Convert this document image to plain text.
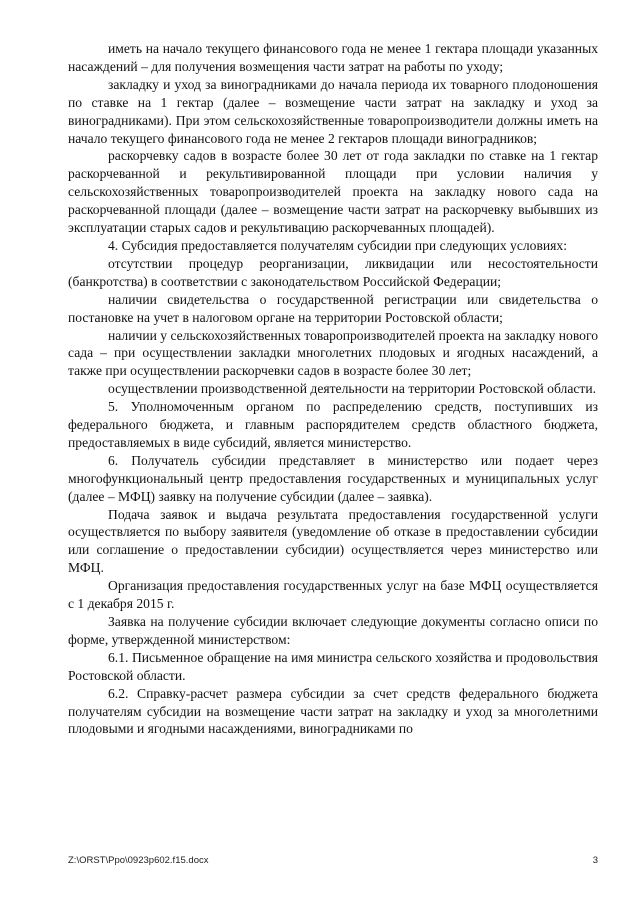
иметь на начало текущего финансового года не менее 1 гектара площади указанных насаждений – для получения возмещения части затрат на работы по уходу;

закладку и уход за виноградниками до начала периода их товарного плодоношения по ставке на 1 гектар (далее – возмещение части затрат на закладку и уход за виноградниками). При этом сельскохозяйственные товаропроизводители должны иметь на начало текущего финансового года не менее 2 гектаров площади виноградников;

раскорчевку садов в возрасте более 30 лет от года закладки по ставке на 1 гектар раскорчеванной и рекультивированной площади при условии наличия у сельскохозяйственных товаропроизводителей проекта на закладку нового сада на раскорчеванной площади (далее – возмещение части затрат на раскорчевку выбывших из эксплуатации старых садов и рекультивацию раскорчеванных площадей).

4. Субсидия предоставляется получателям субсидии при следующих условиях:

отсутствии процедур реорганизации, ликвидации или несостоятельности (банкротства) в соответствии с законодательством Российской Федерации;

наличии свидетельства о государственной регистрации или свидетельства о постановке на учет в налоговом органе на территории Ростовской области;

наличии у сельскохозяйственных товаропроизводителей проекта на закладку нового сада – при осуществлении закладки многолетних плодовых и ягодных насаждений, а также при осуществлении раскорчевки садов в возрасте более 30 лет;

осуществлении производственной деятельности на территории Ростовской области.

5. Уполномоченным органом по распределению средств, поступивших из федерального бюджета, и главным распорядителем средств областного бюджета, предоставляемых в виде субсидий, является министерство.

6. Получатель субсидии представляет в министерство или подает через многофункциональный центр предоставления государственных и муниципальных услуг (далее – МФЦ) заявку на получение субсидии (далее – заявка).

Подача заявок и выдача результата предоставления государственной услуги осуществляется по выбору заявителя (уведомление об отказе в предоставлении субсидии или соглашение о предоставлении субсидии) осуществляется через министерство или МФЦ.

Организация предоставления государственных услуг на базе МФЦ осуществляется с 1 декабря 2015 г.

Заявка на получение субсидии включает следующие документы согласно описи по форме, утвержденной министерством:

6.1. Письменное обращение на имя министра сельского хозяйства и продовольствия Ростовской области.

6.2. Справку-расчет размера субсидии за счет средств федерального бюджета получателям субсидии на возмещение части затрат на закладку и уход за многолетними плодовыми и ягодными насаждениями, виноградниками по

Z:\ORST\Ppo\0923p602.f15.docx	3
